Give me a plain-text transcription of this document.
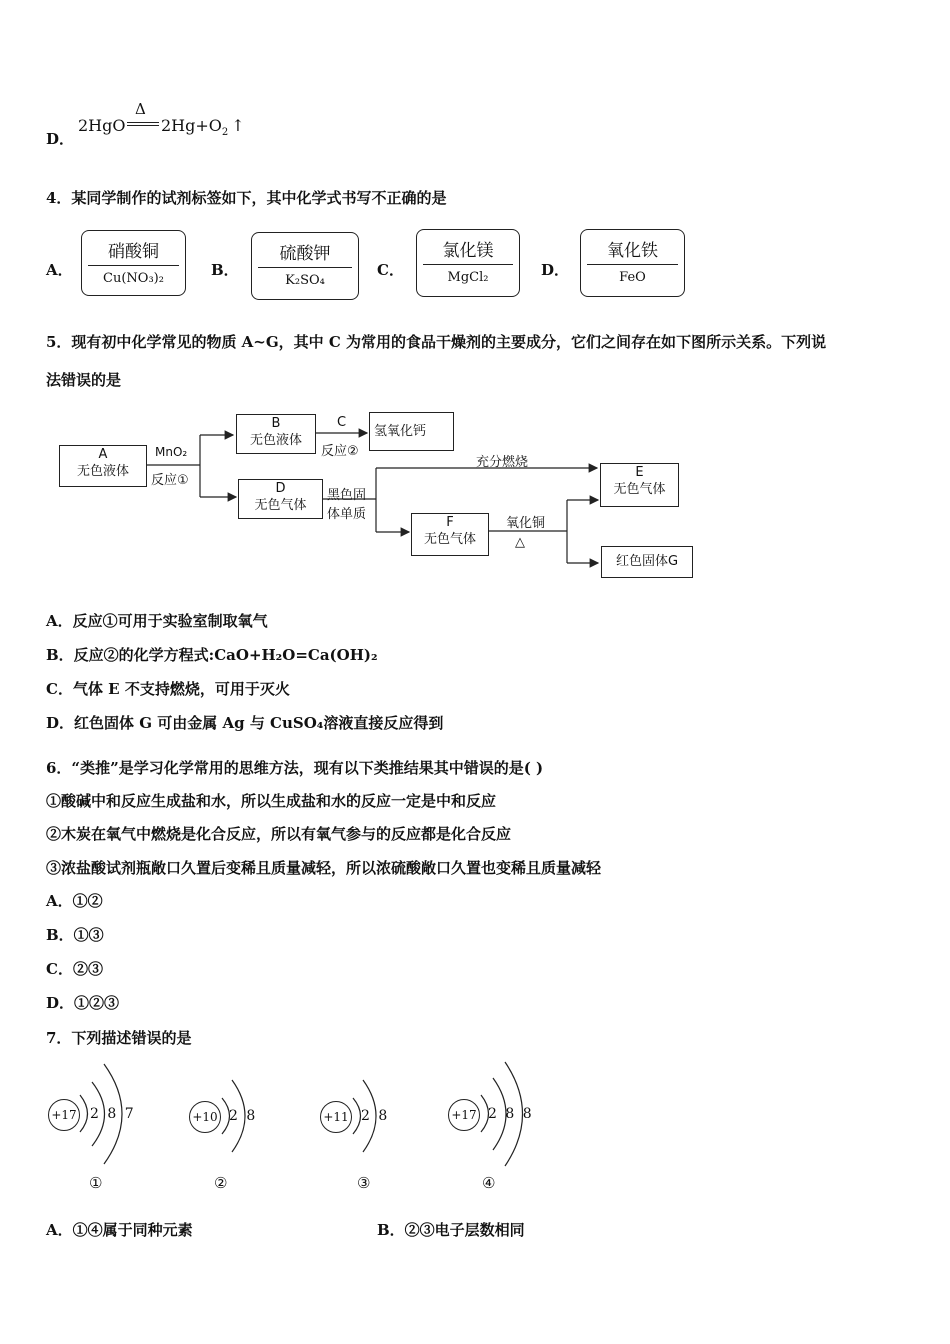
D．
2HgO
Δ
$2Hg+O_2$ ↑
4．某同学制作的试剂标签如下，其中化学式书写不正确的是
A．
硝酸铜
Cu(NO₃)₂	B．
硫酸钾
K₂SO₄
C．
氯化镁
MgCl₂	D．
氧化铁
FeO
5．现有初中化学常见的物质 A~G，其中 C 为常用的食品干燥剂的主要成分，它们之间存在如下图所示关系。下列说
法错误的是
A
无色液体
MnO₂
反应①
B
无色液体
C
反应②
氢氧化钙
D
无色气体
黑色固
体单质
充分燃烧
E
无色气体
F
无色气体
氧化铜
△
红色固体G
A．反应①可用于实验室制取氧气
B．反应②的化学方程式:CaO+H₂O=Ca(OH)₂
C．气体 E 不支持燃烧，可用于灭火
D．红色固体 G 可由金属 Ag 与 CuSO₄溶液直接反应得到
6．“类推”是学习化学常用的思维方法，现有以下类推结果其中错误的是( )
①酸碱中和反应生成盐和水，所以生成盐和水的反应一定是中和反应
②木炭在氧气中燃烧是化合反应，所以有氧气参与的反应都是化合反应
③浓盐酸试剂瓶敞口久置后变稀且质量减轻，所以浓硫酸敞口久置也变稀且质量减轻
A．①②
B．①③
C．②③
D．①②③
7．下列描述错误的是
+17 2 8 7
①
+10 2 8
②
+11 2 8
③
+17 2 8 8
④
A．①④属于同种元素	B．②③电子层数相同
